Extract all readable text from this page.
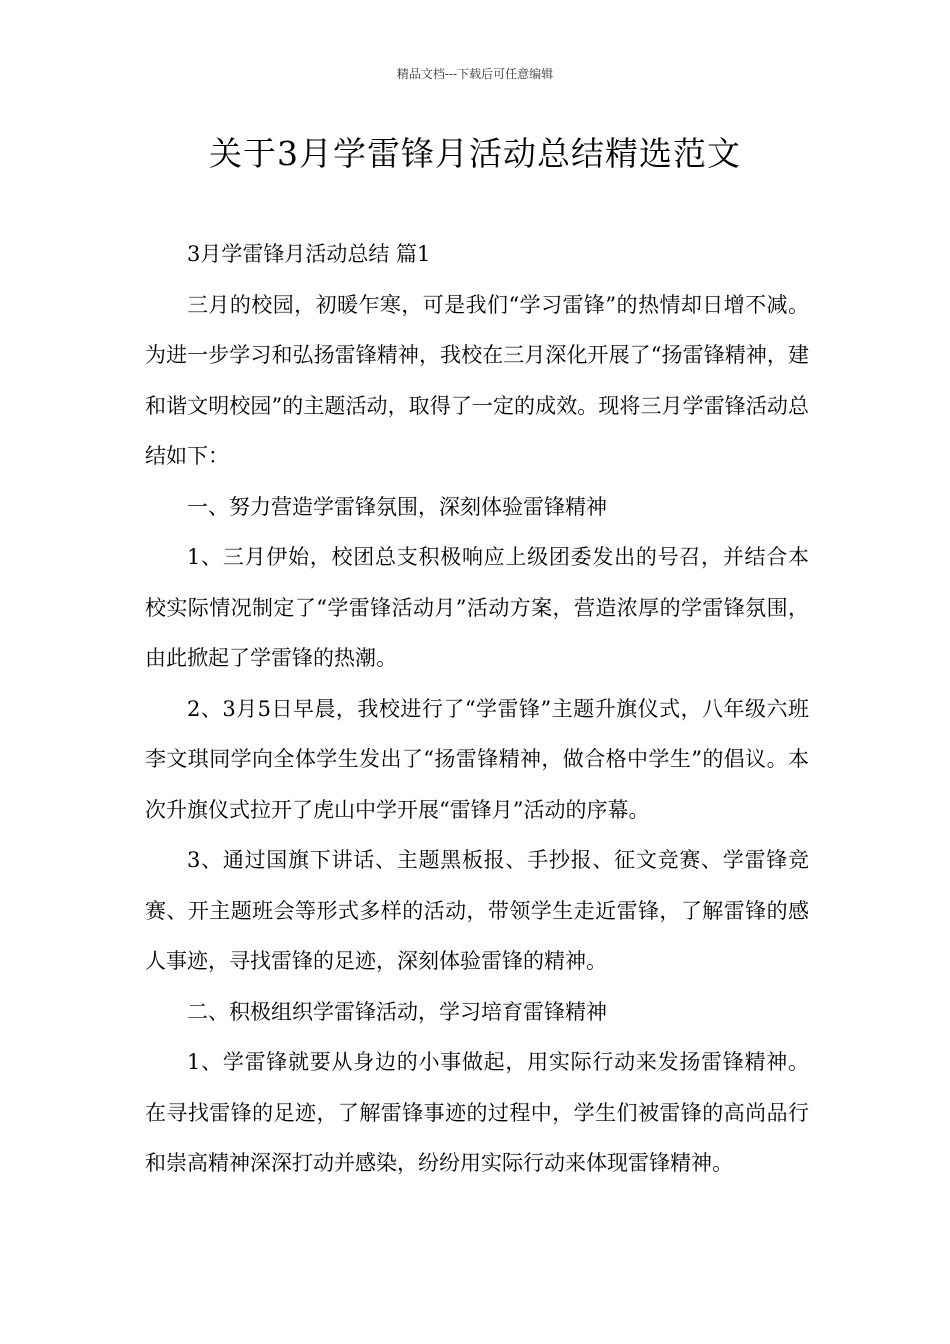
精品文档---下载后可任意编辑
关于3月学雷锋月活动总结精选范文

3月学雷锋月活动总结 篇1

三月的校园，初暖乍寒，可是我们“学习雷锋”的热情却日增不减。为进一步学习和弘扬雷锋精神，我校在三月深化开展了“扬雷锋精神，建和谐文明校园”的主题活动，取得了一定的成效。现将三月学雷锋活动总结如下：

一、努力营造学雷锋氛围，深刻体验雷锋精神

1、三月伊始，校团总支积极响应上级团委发出的号召，并结合本校实际情况制定了“学雷锋活动月”活动方案，营造浓厚的学雷锋氛围，由此掀起了学雷锋的热潮。

2、3月5日早晨，我校进行了“学雷锋”主题升旗仪式，八年级六班李文琪同学向全体学生发出了“扬雷锋精神，做合格中学生”的倡议。本次升旗仪式拉开了虎山中学开展“雷锋月”活动的序幕。

3、通过国旗下讲话、主题黑板报、手抄报、征文竞赛、学雷锋竞赛、开主题班会等形式多样的活动，带领学生走近雷锋，了解雷锋的感人事迹，寻找雷锋的足迹，深刻体验雷锋的精神。

二、积极组织学雷锋活动，学习培育雷锋精神

1、学雷锋就要从身边的小事做起，用实际行动来发扬雷锋精神。在寻找雷锋的足迹，了解雷锋事迹的过程中，学生们被雷锋的高尚品行和崇高精神深深打动并感染，纷纷用实际行动来体现雷锋精神。
